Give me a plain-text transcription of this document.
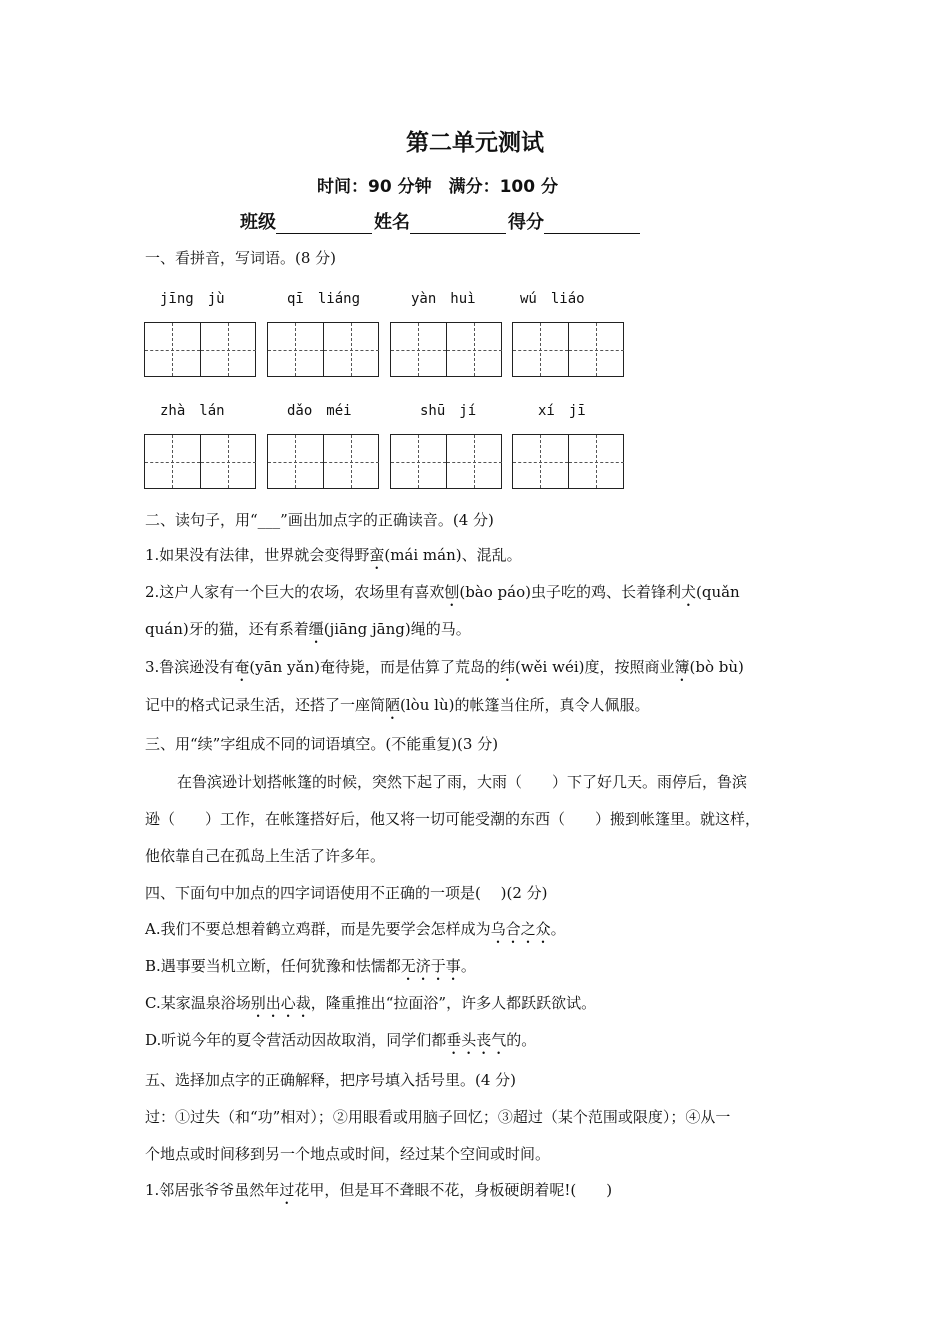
第二单元测试
时间：90 分钟　满分：100 分
班级	姓名	得分
一、看拼音，写词语。(8 分)
jīng　jù	qī　liáng	yàn　huì	wú　liáo
zhà　lán	dǎo　méi	shū　jí	xí　jī
二、读句子，用“___”画出加点字的正确读音。(4 分)
1.如果没有法律，世界就会变得野蛮(mái mán)、混乱。
2.这户人家有一个巨大的农场，农场里有喜欢刨(bào páo)虫子吃的鸡、长着锋利犬(quǎn
quán)牙的猫，还有系着缰(jiāng jāng)绳的马。
3.鲁滨逊没有奄(yān yǎn)奄待毙，而是估算了荒岛的纬(wěi wéi)度，按照商业簿(bò bù)
记中的格式记录生活，还搭了一座简陋(lòu lù)的帐篷当住所，真令人佩服。
三、用“续”字组成不同的词语填空。(不能重复)(3 分)
在鲁滨逊计划搭帐篷的时候，突然下起了雨，大雨（　　）下了好几天。雨停后，鲁滨
逊（　　）工作，在帐篷搭好后，他又将一切可能受潮的东西（　　）搬到帐篷里。就这样，
他依靠自己在孤岛上生活了许多年。
四、下面句中加点的四字词语使用不正确的一项是(　 )(2 分)
A.我们不要总想着鹤立鸡群，而是先要学会怎样成为乌合之众。
B.遇事要当机立断，任何犹豫和怯懦都无济于事。
C.某家温泉浴场别出心裁，隆重推出“拉面浴”，许多人都跃跃欲试。
D.听说今年的夏令营活动因故取消，同学们都垂头丧气的。
五、选择加点字的正确解释，把序号填入括号里。(4 分)
过：①过失（和“功”相对）；②用眼看或用脑子回忆；③超过（某个范围或限度）；④从一
个地点或时间移到另一个地点或时间，经过某个空间或时间。
1.邻居张爷爷虽然年过花甲，但是耳不聋眼不花，身板硬朗着呢!(　　)
